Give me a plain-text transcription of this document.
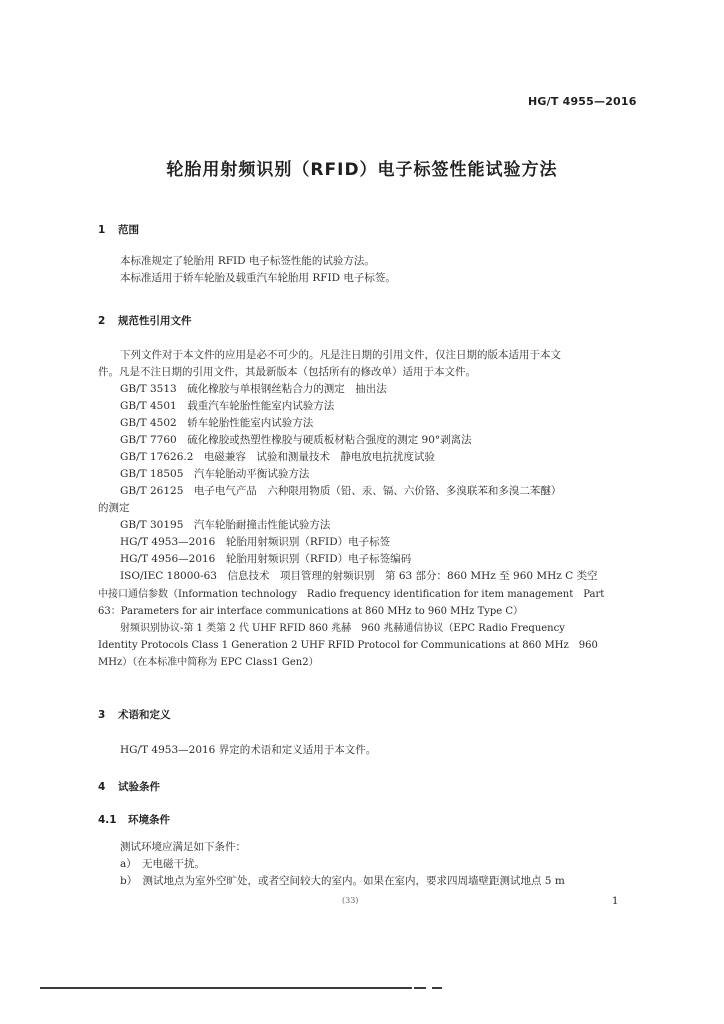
HG/T 4955—2016
轮胎用射频识别（RFID）电子标签性能试验方法
1 范围
本标准规定了轮胎用 RFID 电子标签性能的试验方法。
本标准适用于轿车轮胎及载重汽车轮胎用 RFID 电子标签。
2 规范性引用文件
下列文件对于本文件的应用是必不可少的。凡是注日期的引用文件，仅注日期的版本适用于本文
件。凡是不注日期的引用文件，其最新版本（包括所有的修改单）适用于本文件。
GB/T 3513　硫化橡胶与单根钢丝粘合力的测定　抽出法
GB/T 4501　载重汽车轮胎性能室内试验方法
GB/T 4502　轿车轮胎性能室内试验方法
GB/T 7760　硫化橡胶或热塑性橡胶与硬质板材粘合强度的测定 90°剥离法
GB/T 17626.2　电磁兼容　试验和测量技术　静电放电抗扰度试验
GB/T 18505　汽车轮胎动平衡试验方法
GB/T 26125　电子电气产品　六种限用物质（铅、汞、镉、六价铬、多溴联苯和多溴二苯醚）
的测定
GB/T 30195　汽车轮胎耐撞击性能试验方法
HG/T 4953—2016　轮胎用射频识别（RFID）电子标签
HG/T 4956—2016　轮胎用射频识别（RFID）电子标签编码
ISO/IEC 18000-63　信息技术　项目管理的射频识别　第 63 部分：860 MHz 至 960 MHz C 类空
中接口通信参数（Information technology　Radio frequency identification for item management　Part
63：Parameters for air interface communications at 860 MHz to 960 MHz Type C）
射频识别协议-第 1 类第 2 代 UHF RFID 860 兆赫　960 兆赫通信协议（EPC Radio Frequency
Identity Protocols Class 1 Generation 2 UHF RFID Protocol for Communications at 860 MHz　960
MHz）（在本标准中简称为 EPC Class1 Gen2）
3 术语和定义
HG/T 4953—2016 界定的术语和定义适用于本文件。
4 试验条件
4.1 环境条件
测试环境应满足如下条件：
a）　无电磁干扰。
b）　测试地点为室外空旷处，或者空间较大的室内。如果在室内，要求四周墙壁距测试地点 5 m
(33)	1
